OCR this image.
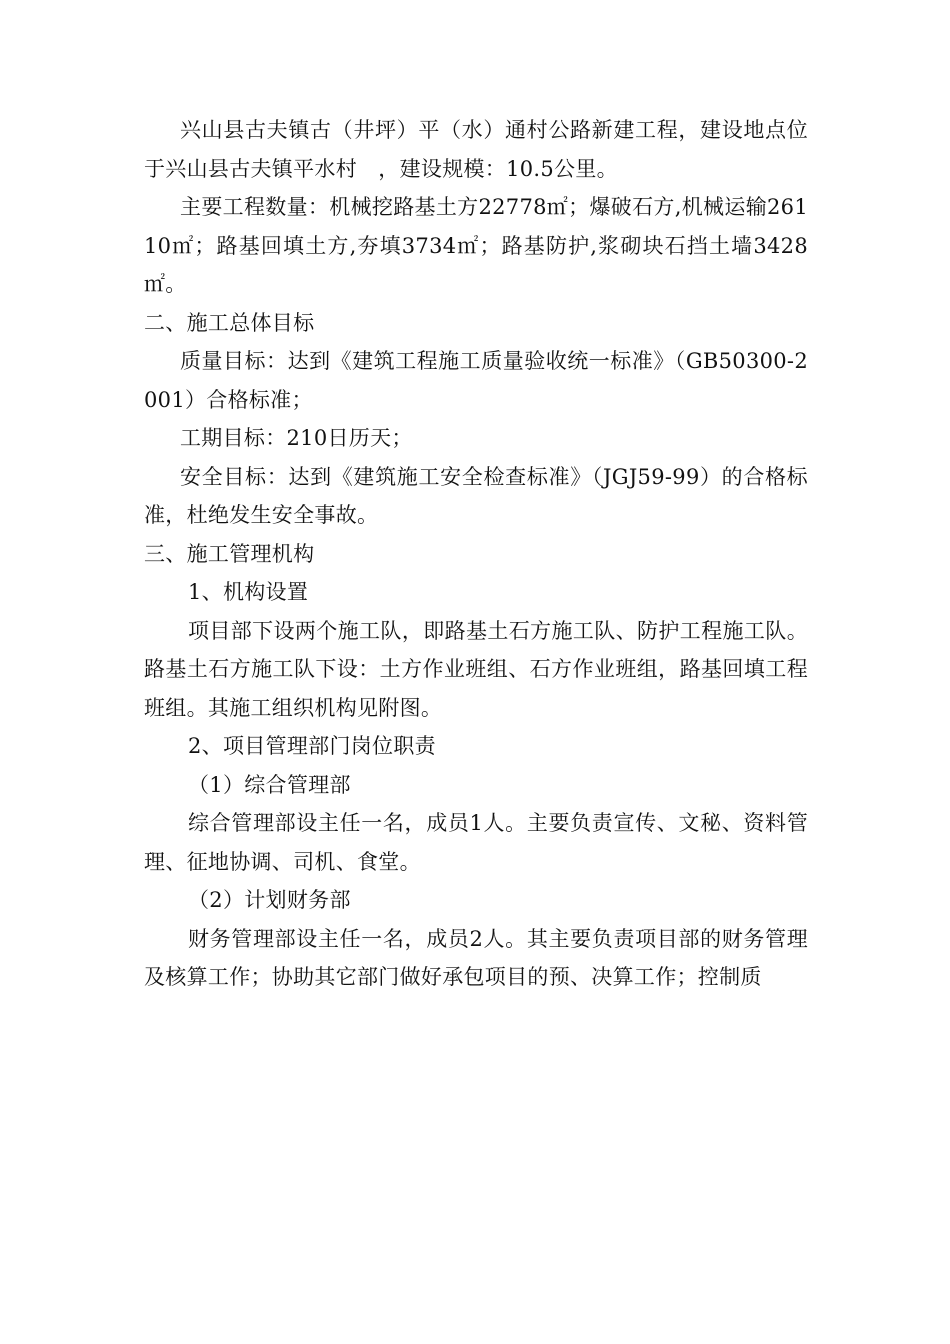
兴山县古夫镇古（井坪）平（水）通村公路新建工程，建设地点位于兴山县古夫镇平水村　，建设规模：10.5公里。

主要工程数量：机械挖路基土方22778㎡；爆破石方,机械运输26110㎡；路基回填土方,夯填3734㎡；路基防护,浆砌块石挡土墙3428㎡。

二、施工总体目标

质量目标：达到《建筑工程施工质量验收统一标准》（GB50300-2001）合格标准；

工期目标：210日历天；

安全目标：达到《建筑施工安全检查标准》（JGJ59-99）的合格标准，杜绝发生安全事故。

三、施工管理机构

1、机构设置

项目部下设两个施工队，即路基土石方施工队、防护工程施工队。路基土石方施工队下设：土方作业班组、石方作业班组，路基回填工程班组。其施工组织机构见附图。

2、项目管理部门岗位职责

（1）综合管理部

综合管理部设主任一名，成员1人。主要负责宣传、文秘、资料管理、征地协调、司机、食堂。

（2）计划财务部

财务管理部设主任一名，成员2人。其主要负责项目部的财务管理及核算工作；协助其它部门做好承包项目的预、决算工作；控制质
